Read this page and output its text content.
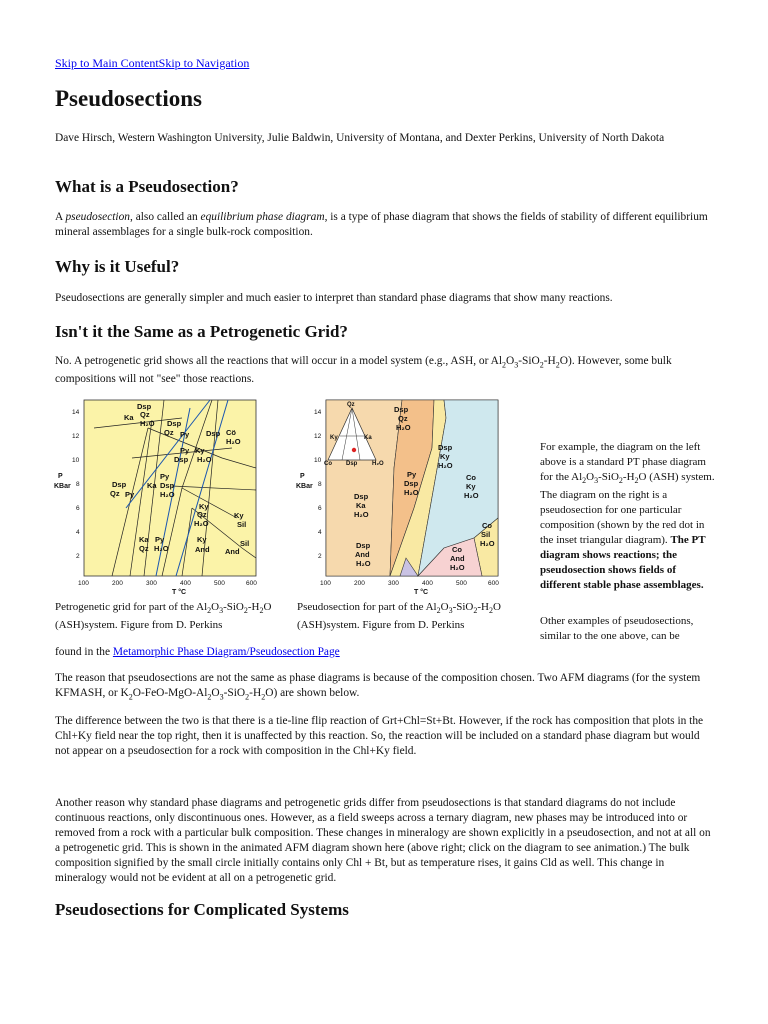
Skip to Main ContentSkip to Navigation
Pseudosections
Dave Hirsch, Western Washington University, Julie Baldwin, University of Montana, and Dexter Perkins, University of North Dakota
What is a Pseudosection?
A pseudosection, also called an equilibrium phase diagram, is a type of phase diagram that shows the fields of stability of different equilibrium mineral assemblages for a single bulk-rock composition.
Why is it Useful?
Pseudosections are generally simpler and much easier to interpret than standard phase diagrams that show many reactions.
Isn't it the Same as a Petrogenetic Grid?
No. A petrogenetic grid shows all the reactions that will occur in a model system (e.g., ASH, or $Al_2O_3-SiO_2-H_2O$). However, some bulk compositions will not "see" those reactions.
Dsp
Qz
Ka
H₂O Dsp
Qz Py
Py Ky
Dsp H₂O
Dsp Cö
H₂O
Py
Dsp	Ka Dsp
Qz Py	H₂O
Ky
Qz
H₂O
Ky
Sil
Ka Py
Qz H₂O
Ky
And
Sil
And
P
KBar
14
12
10
8
6
4
2
100	200	300	400	500	600
T °C
Qz
Ky	Ka
Co Dsp H₂O
Dsp
Qz
H₂O
Dsp
Ky
H₂O
Py
Dsp
H₂O
Co
Ky
H₂O
Dsp
Ka
H₂O
Co
Sil
H₂O
Dsp
And
H₂O
Co
And
H₂O
P
KBar
14
12
10
8
6
4
2
100	200	300	400	500	600
T °C
Petrogenetic grid for part of the $Al_2O_3-SiO_2-H_2O$ (ASH)system. Figure from D. Perkins
Pseudosection for part of the $Al_2O_3-SiO_2-H_2O$ (ASH)system. Figure from D. Perkins
For example, the diagram on the left above is a standard PT phase diagram for the $Al_2O_3-SiO_2-H_2O$ (ASH) system. The diagram on the right is a pseudosection for one particular composition (shown by the red dot in the inset triangular diagram). The PT diagram shows reactions; the pseudosection shows fields of different stable phase assemblages.
Other examples of pseudosections, similar to the one above, can be
found in the Metamorphic Phase Diagram/Pseudosection Page
The reason that pseudosections are not the same as phase diagrams is because of the composition chosen. Two AFM diagrams (for the system KFMASH, or $K_2O-FeO-MgO-Al_2O_3-SiO_2-H_2O$) are shown below.
The difference between the two is that there is a tie-line flip reaction of Grt+Chl=St+Bt. However, if the rock has composition that plots in the Chl+Ky field near the top right, then it is unaffected by this reaction. So, the reaction will be included on a standard phase diagram but would not appear on a pseudosection for a rock with composition in the Chl+Ky field.
Another reason why standard phase diagrams and petrogenetic grids differ from pseudosections is that standard diagrams do not include continuous reactions, only discontinuous ones. However, as a field sweeps across a ternary diagram, new phases may be introduced into or removed from a rock with a particular bulk composition. These changes in mineralogy are shown explicitly in a pseudosection, and not at all on a petrogenetic grid. This is shown in the animated AFM diagram shown here (above right; click on the diagram to see animation.) The bulk composition signified by the small circle initially contains only Chl + Bt, but as temperature rises, it gains Cld as well. This change in mineralogy would not be evident at all on a petrogenetic grid.
Pseudosections for Complicated Systems
